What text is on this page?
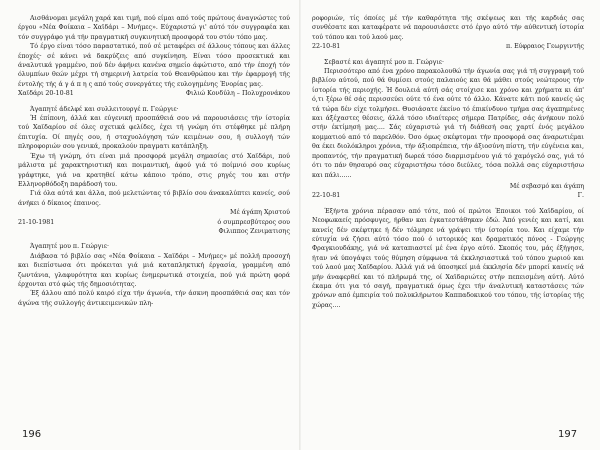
Αισθάνομαι μεγάλη χαρά και τιμή, πού είμαι από τούς πρώτους άναγνώστες τού έργου «Νέα Φοίκαια – Χαϊδάρι – Μνήμες». Εύχαριστώ γι' αύτό τόν συγγραφέα και τόν συγγράφο γιά τήν πραγματική συγκινητική προσφορά του στόν τόπο μας.

Τό έργο είναι τόσο παραστατικό, πού σέ μεταφέρει σέ άλλους τόπους και άλλες έποχές· σέ κάνει νά δακρύζεις από συγκίνηση. Είναι τόσο προσεκτικά και άναλυτικά γραμμένο, πού δέν άφήνει κανένα σημείο άφώτιστο, από τήν έποχή τόν όλυμπίων θεών μέχρι τή σημερινή λατρεία τού Θεανθρώπου και τήν έφαρμογή τής έντολής τής ά γ ά π η ς από τούς συνεργάτες τής ευλογημένης Ένορίας μας.

Χαϊδάρι 20-10-81	Φιλιώ Κονδύλη – Πολυχρονάκου

Άγαπητέ άδελφέ και συλλειτουργέ π. Γεώργιε·

Ή έπίπονη, άλλά και εύγενική προσπάθειά σου νά παρουσιάσεις τήν ίστορία τού Χαϊδαρίου σέ όλες σχετικά φελίδες, έχει τή γνώμη ότι στέφθηκε μέ πλήρη έπιτυχία. Οί πηγές σου, ή σταχυολόγηση τών κειμένων σου, ή συλλογή τών πληροφοριών σου γενικά, προκαλούν πραγματι κατάπληξη.

Έχω τή γνώμη, ότι είναι μιά προσφορά μεγάλη σημασίας στό Χαϊδάρι, πού μάλιστα μέ χαρακτηριστική και ποιμαντική, άφού γιά τό ποίμνιό σου κυρίως γράφτηκε, γιά να κρατηθεί κάτω κάποιο τρόπο, στις ρηγές του και στήν Ελληνορθόδοξη παράδοσή του.

Γιά όλα αύτά και άλλα, πού μελετώντας τό βιβλίο σου άνακαλύπτει κανείς, σού άνήκει ό δίκαιος έπαινος.

Μέ άγάπη Χριστού

21-10-1981	ό συμπρεσβύτερος σου

Φιλιππος Ζενιματισης

Άγαπητέ μου π. Γεώργιε·

Διάβασα τό βιβλίο σας «Νέα Φοίκαια – Χαϊδάρι – Μνήμες» μέ πολλή προσοχή και διεπίστωσα ότι πρόκειται γιά μιά καταπληκτική έργασία, γραμμένη από ζωντάνια, γλαφυρότητα και κυρίως ένημερωτικά στοιχεία, πού γιά πρώτη φορά έρχονται στό φώς τής δημοσιότητας.

Έξ άλλου από πολύ καιρό είχα τήν άγωνία, τήν άσκνη προσπάθειά σας και τόν άγώνα τής συλλογής άντικειμενικών πλη-

196

ροφοριών, τίς όποίες μέ τήν καθαρότητα τής σκέψεως και τής καρδιάς σας συνθέσατε και καταφέρατε νά παρουσιάσετε στό έργο αύτό τήν αύθεντική ίστορία τού τόπου και τού λαού μας.

22-10-81	π. Εύφραιος Γεωργιντής

Σεβαστέ και άγαπητέ μου π. Γεώργιε·

Περισσότερο από ένα χρόνο παρακολουθώ τήν άγωνία σας γιά τή συγγραφή τού βιβλίου αύτού, πού θά θυμίσει στούς παλαιούς και θά μάθει στούς νεώτερους τήν ίστορία τής περιοχής. Ή δουλειά αύτή σάς στοίχισε και χρόνο και χρήματα κι άπ' ό,τι ξέρω θέ σάς περισσεύει ούτε τό ένα ούτε τό άλλο. Κάνατε κάτι πού κανείς ώς τά τώρα δέν είχε τολμήσει. Θυσιάσατε έκείνο τό έπικίνδυνο τμήμα σας άγαπημένες και άξέχαστες θέσεις, άλλά τόσο ιδιαίτερες σήμερα Πατρίδες, σάς άνήκουν πολύ στήν έκτίμησή μας.... Σάς εύχαριστώ γιά τή διάθεσή σας χαρτί ένός μεγάλου κομματιού από τό παρελθόν. Όσο όμως σκέφτομαι τήν προσφορά σας άναρωτιέμαι θα έκει διολόκληροι χρόνια, τήν άξιοπρέπεια, τήν άξιοσύνη πίστη, τήν εύγένεια και, προπαντός, τήν πραγματική δωρεά τόσο διαρμισμένου γιά τό χαμόγελό σας, γιά τό ότι το πάν θησαυρό σας εύχαριστήσω τόσο διεύλες, τόσα πολλά σας εύχαριστήσω και πάλι......

Μέ σεβασμό και άγάπη

22-10-81	Γ.

Έξήντα χρόνια πέρασαν από τότε, πού οί πρώτοι Έποικοι τού Χαϊδαρίου, οί Νεοφωκαείς πρόσφυγες, ήρθαν και έγκατεστάθηκαν έδώ. Άπό γενιές και κατί, και κανείς δέν σκέφτηκε ή δέν τόλμησε νά γράψει τήν ίστορία του. Και είχαμε τήν εύτυχία νά ζήσει αύτό τόσο πού ό ιστορικός και δραματικός πόνος - Γεώργης Φραγκιουδάκης, γιά νά καταπιαστεί μέ ένα έργο αύτό. Σκοπός του, μάς έξήγησε, ήταν νά ύπογάψει τούς θύμηση σύμφωνα τά έκκλησιαστικά τού τόπου χωριού και τού λαού μας Χαϊδαρίου. Άλλά γιά νά ύποσηκεί μιά έκκλησία δέν μπορεί κανείς νά μήν άναφερθεί και τό πλήρωμά της, οί Χαϊδαριώτες στήν πεπεισμένη αύτή. Αύτό έκαμα ότι για τό σαγή, πραγματικά όμως έχει τήν άναλυτική καταστάσεις τών χρόνων από έμπειρία τού πολυκλήρωτου Καππαδοκικού του τόπου, τής ίστορίας τής χώρας....

197
